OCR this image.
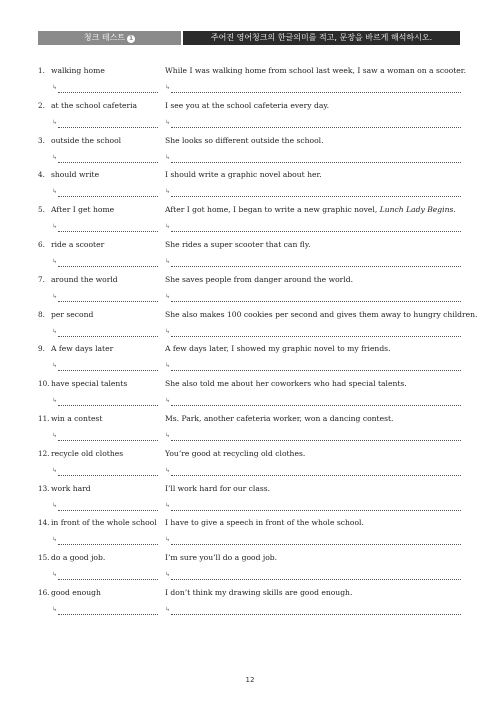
청크 테스트 1	주어진 영어청크의 한글의미를 적고, 문장을 바르게 해석하시오.
1. walking home	While I was walking home from school last week, I saw a woman on a scooter.
↳	↳
2. at the school cafeteria	I see you at the school cafeteria every day.
↳	↳
3. outside the school	She looks so different outside the school.
↳	↳
4. should write	I should write a graphic novel about her.
↳	↳
5. After I get home	After I got home, I began to write a new graphic novel, Lunch Lady Begins.
↳	↳
6. ride a scooter	She rides a super scooter that can fly.
↳	↳
7. around the world	She saves people from danger around the world.
↳	↳
8. per second	She also makes 100 cookies per second and gives them away to hungry children.
↳	↳
9. A few days later	A few days later, I showed my graphic novel to my friends.
↳	↳
10. have special talents	She also told me about her coworkers who had special talents.
↳	↳
11. win a contest	Ms. Park, another cafeteria worker, won a dancing contest.
↳	↳
12. recycle old clothes	You’re good at recycling old clothes.
↳	↳
13. work hard	I’ll work hard for our class.
↳	↳
14. in front of the whole school	I have to give a speech in front of the whole school.
↳	↳
15. do a good job.	I’m sure you’ll do a good job.
↳	↳
16. good enough	I don’t think my drawing skills are good enough.
↳	↳
12
